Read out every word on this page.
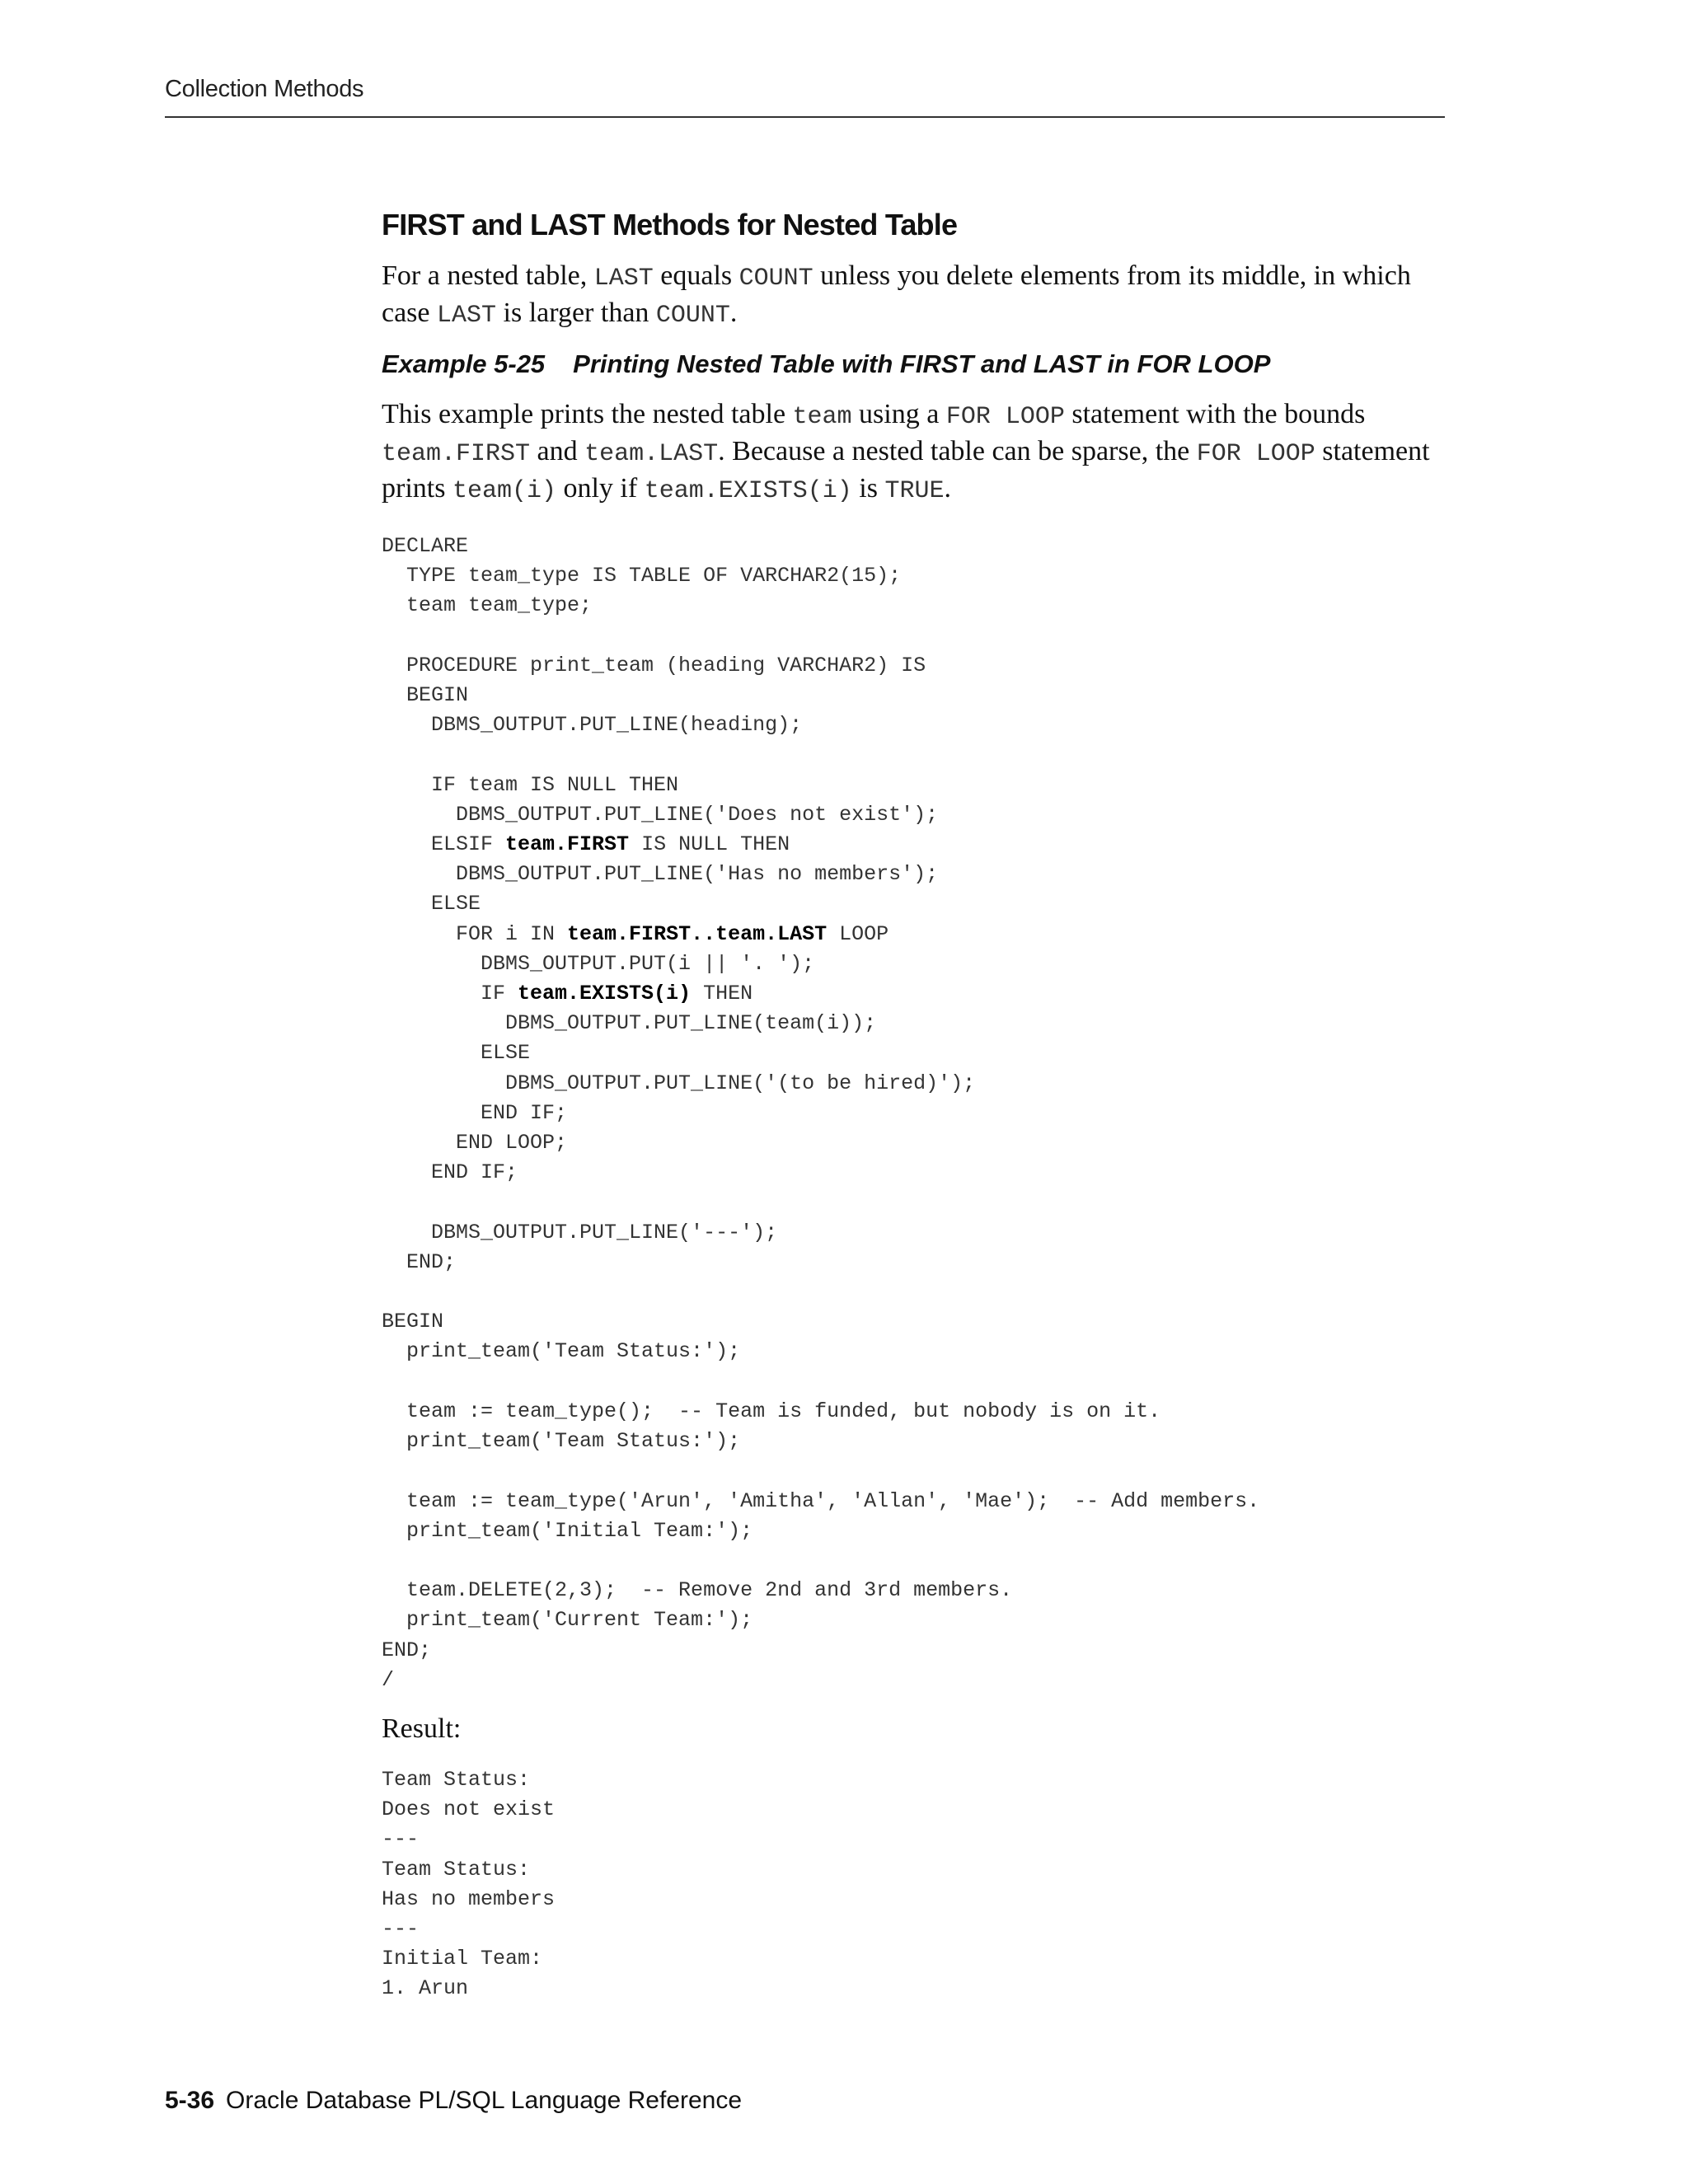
Collection Methods
FIRST and LAST Methods for Nested Table

For a nested table, LAST equals COUNT unless you delete elements from its middle, in which case LAST is larger than COUNT.

Example 5-25 Printing Nested Table with FIRST and LAST in FOR LOOP

This example prints the nested table team using a FOR LOOP statement with the bounds team.FIRST and team.LAST. Because a nested table can be sparse, the FOR LOOP statement prints team(i) only if team.EXISTS(i) is TRUE.

DECLARE
TYPE team_type IS TABLE OF VARCHAR2(15);
team team_type;

PROCEDURE print_team (heading VARCHAR2) IS
BEGIN
DBMS_OUTPUT.PUT_LINE(heading);

IF team IS NULL THEN
DBMS_OUTPUT.PUT_LINE('Does not exist');
ELSIF team.FIRST IS NULL THEN
DBMS_OUTPUT.PUT_LINE('Has no members');
ELSE
FOR i IN team.FIRST..team.LAST LOOP
DBMS_OUTPUT.PUT(i || '. ');
IF team.EXISTS(i) THEN
DBMS_OUTPUT.PUT_LINE(team(i));
ELSE
DBMS_OUTPUT.PUT_LINE('(to be hired)');
END IF;
END LOOP;
END IF;

DBMS_OUTPUT.PUT_LINE('---');
END;

BEGIN
print_team('Team Status:');

team := team_type();  -- Team is funded, but nobody is on it.
print_team('Team Status:');

team := team_type('Arun', 'Amitha', 'Allan', 'Mae');  -- Add members.
print_team('Initial Team:');

team.DELETE(2,3);  -- Remove 2nd and 3rd members.
print_team('Current Team:');
END;
/

Result:

Team Status:
Does not exist
---
Team Status:
Has no members
---
Initial Team:
1. Arun
5-36 Oracle Database PL/SQL Language Reference
